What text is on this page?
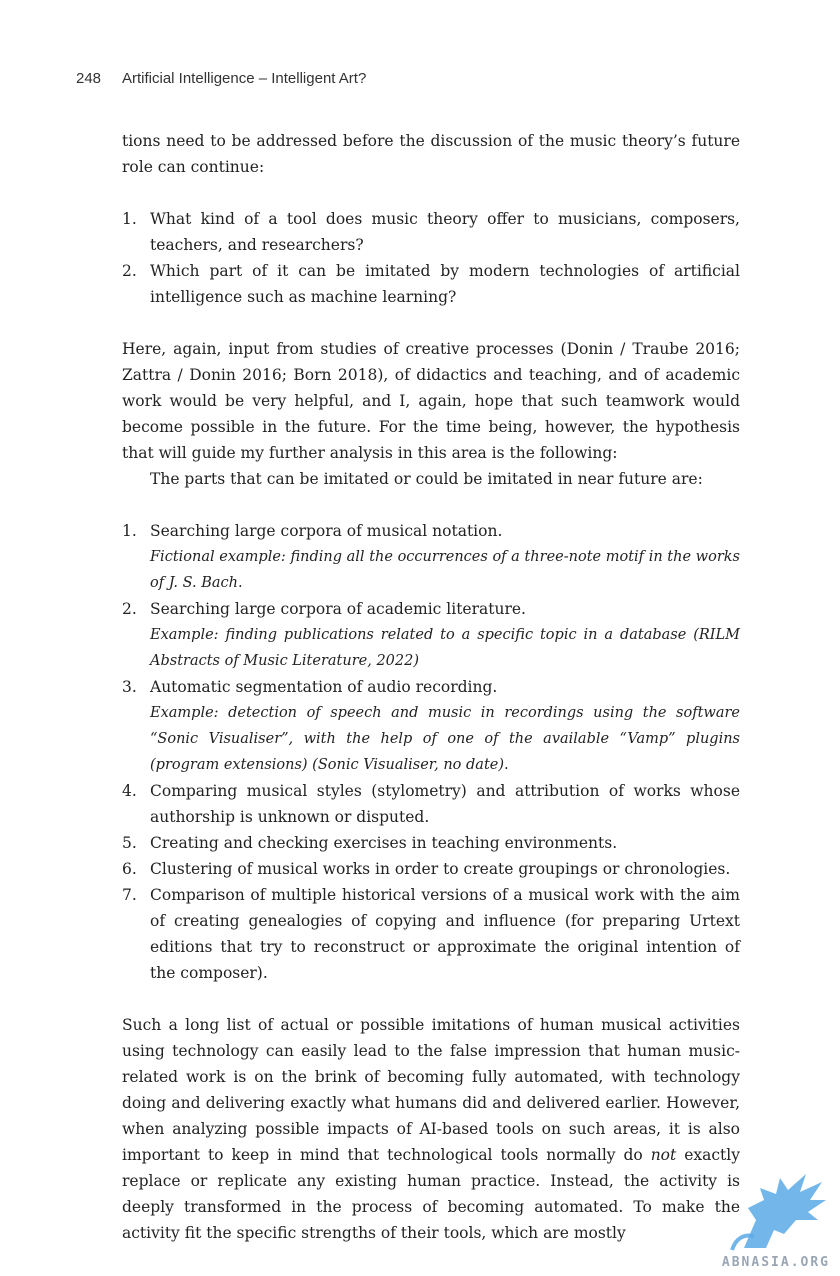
248 Artificial Intelligence – Intelligent Art?

tions need to be addressed before the discussion of the music theory’s future role can continue:

1. What kind of a tool does music theory offer to musicians, composers, teachers, and researchers?
2. Which part of it can be imitated by modern technologies of artificial intelligence such as machine learning?

Here, again, input from studies of creative processes (Donin / Traube 2016; Zattra / Donin 2016; Born 2018), of didactics and teaching, and of academic work would be very helpful, and I, again, hope that such teamwork would become possible in the future. For the time being, however, the hypothesis that will guide my further analysis in this area is the following:

The parts that can be imitated or could be imitated in near future are:

1. Searching large corpora of musical notation.
Fictional example: finding all the occurrences of a three-note motif in the works of J. S. Bach.
2. Searching large corpora of academic literature.
Example: finding publications related to a specific topic in a database (RILM Abstracts of Music Literature, 2022)
3. Automatic segmentation of audio recording.
Example: detection of speech and music in recordings using the software “Sonic Visualiser”, with the help of one of the available “Vamp” plugins (program extensions) (Sonic Visualiser, no date).
4. Comparing musical styles (stylometry) and attribution of works whose authorship is unknown or disputed.
5. Creating and checking exercises in teaching environments.
6. Clustering of musical works in order to create groupings or chronologies.
7. Comparison of multiple historical versions of a musical work with the aim of creating genealogies of copying and influence (for preparing Urtext editions that try to reconstruct or approximate the original intention of the composer).

Such a long list of actual or possible imitations of human musical activities using technology can easily lead to the false impression that human music-related work is on the brink of becoming fully automated, with technology doing and delivering exactly what humans did and delivered earlier. However, when analyzing possible impacts of AI-based tools on such areas, it is also important to keep in mind that technological tools normally do not exactly replace or replicate any existing human practice. Instead, the activity is deeply transformed in the process of becoming automated. To make the activity fit the specific strengths of their tools, which are mostly

ABNASIA.ORG
